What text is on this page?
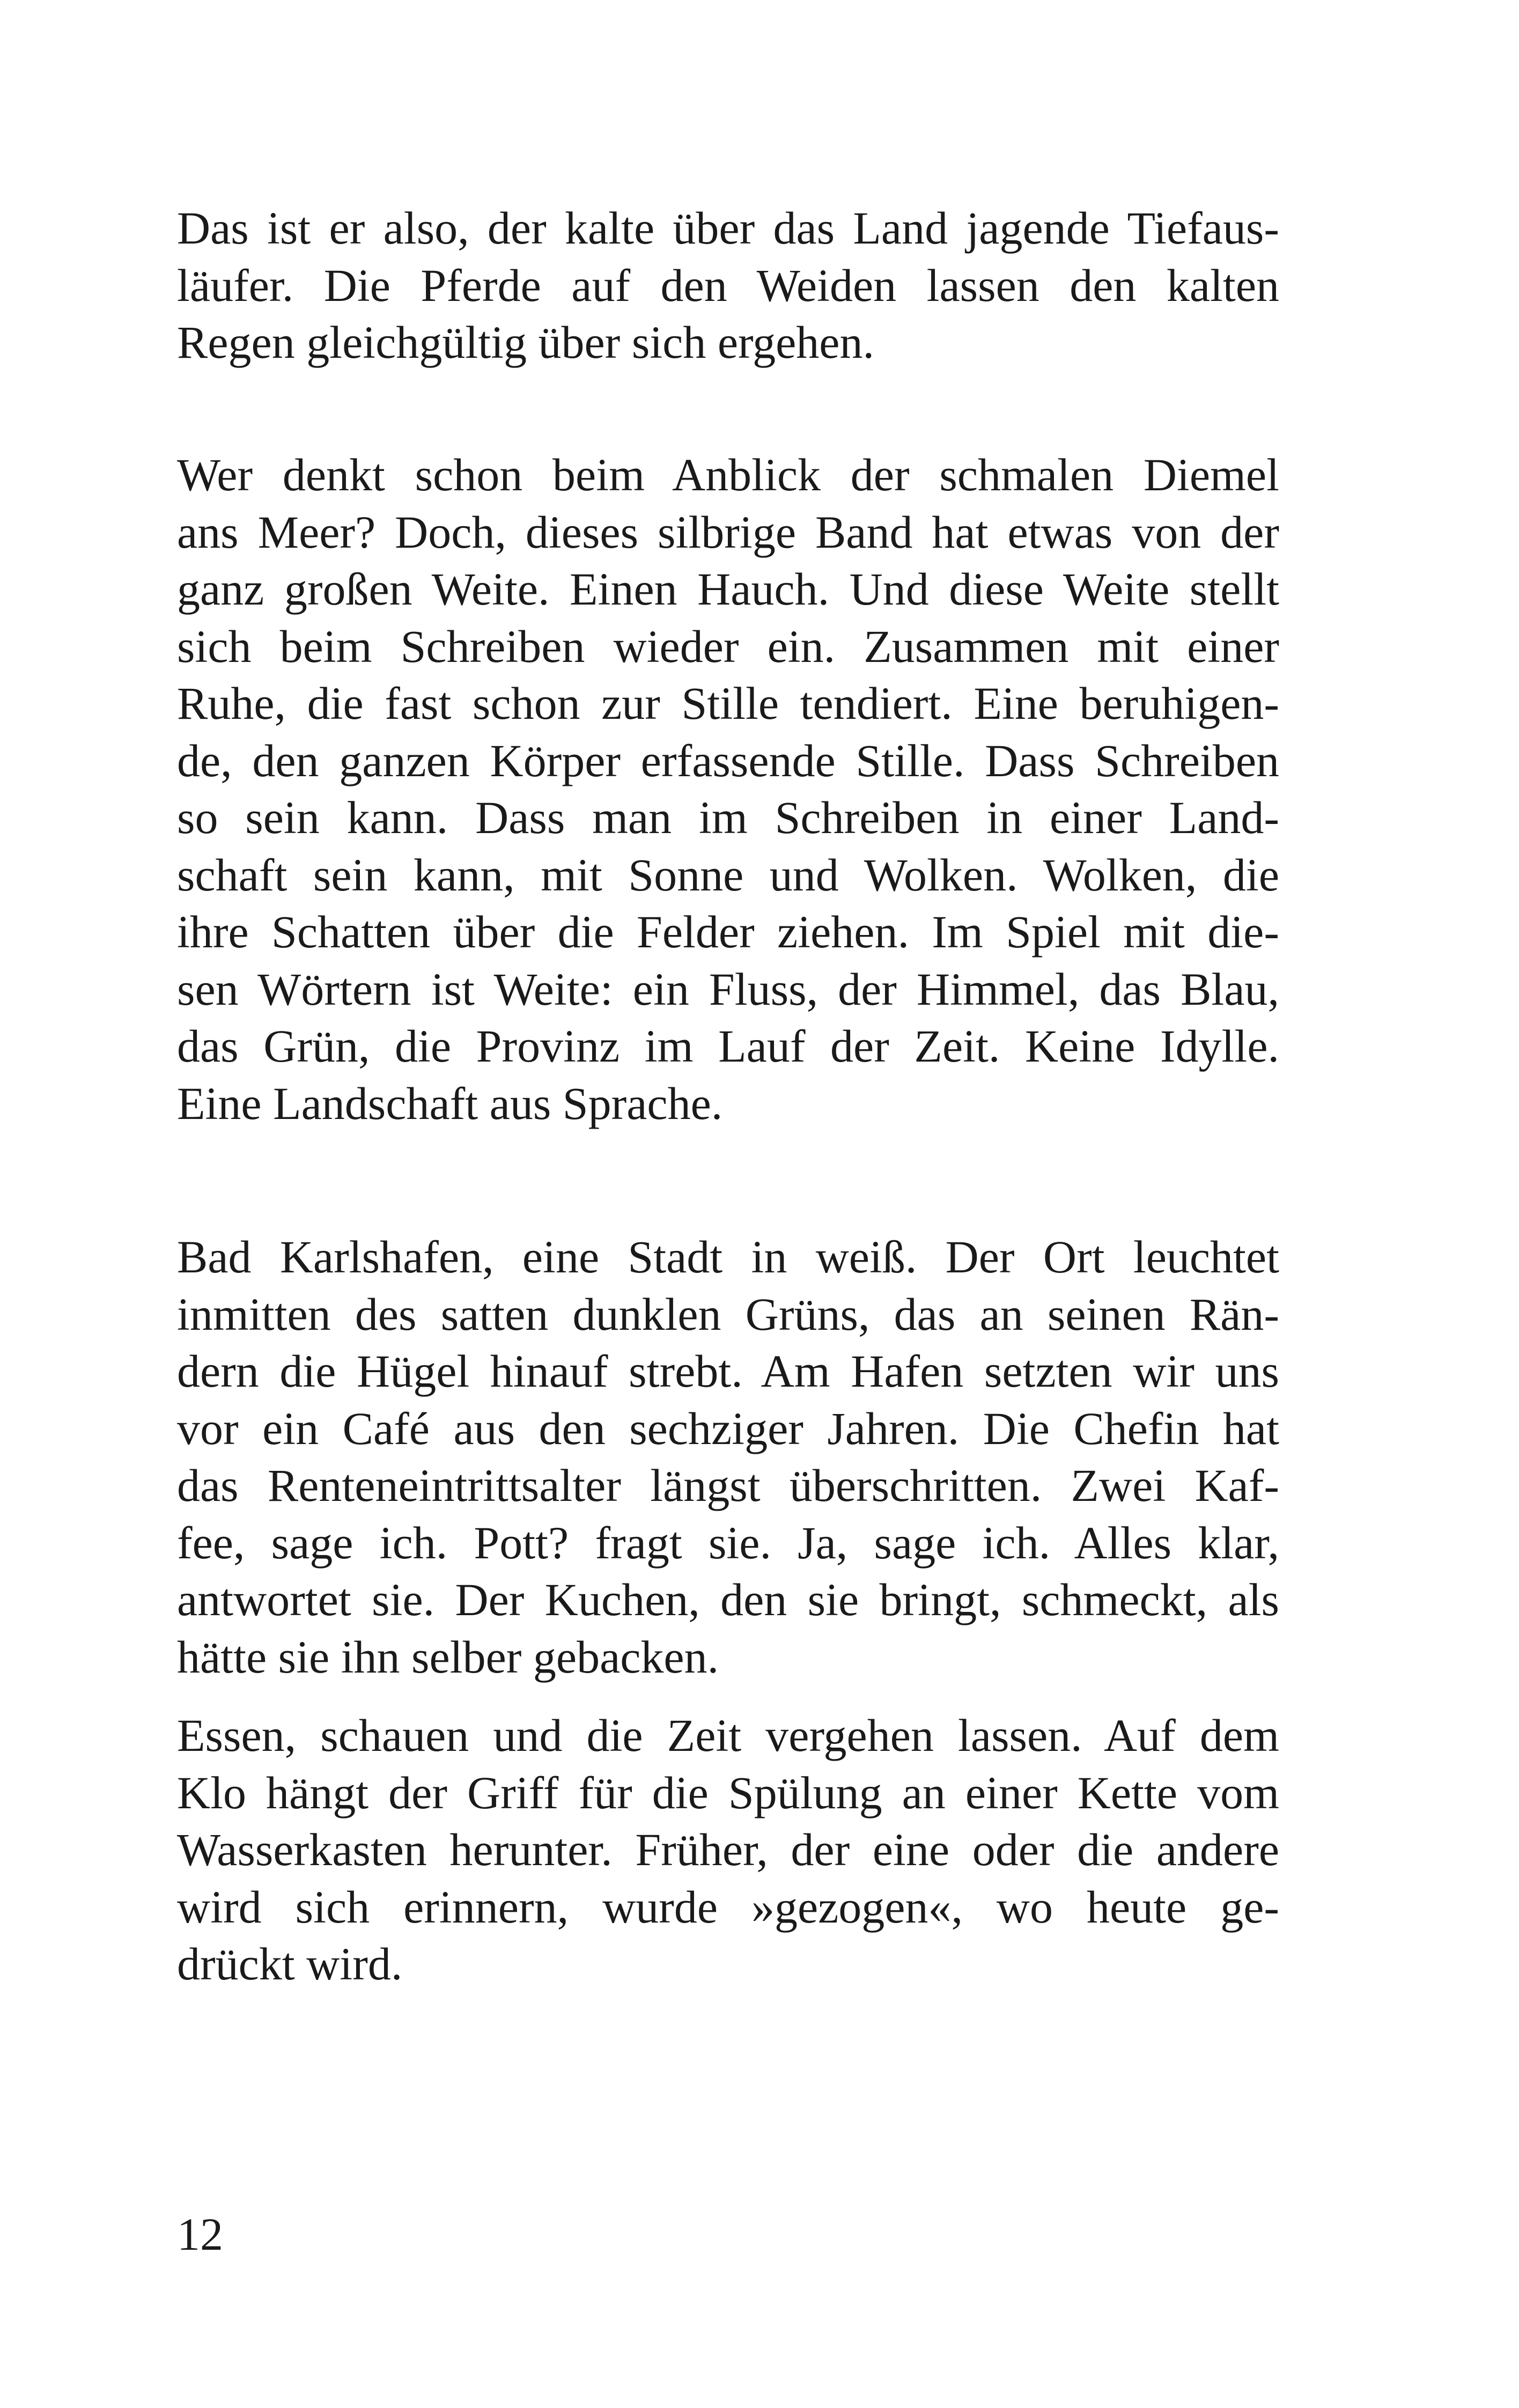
Das ist er also, der kalte über das Land jagende Tiefaus-
läufer. Die Pferde auf den Weiden lassen den kalten
Regen gleichgültig über sich ergehen.
Wer denkt schon beim Anblick der schmalen Diemel
ans Meer? Doch, dieses silbrige Band hat etwas von der
ganz großen Weite. Einen Hauch. Und diese Weite stellt
sich beim Schreiben wieder ein. Zusammen mit einer
Ruhe, die fast schon zur Stille tendiert. Eine beruhigen-
de, den ganzen Körper erfassende Stille. Dass Schreiben
so sein kann. Dass man im Schreiben in einer Land-
schaft sein kann, mit Sonne und Wolken. Wolken, die
ihre Schatten über die Felder ziehen. Im Spiel mit die-
sen Wörtern ist Weite: ein Fluss, der Himmel, das Blau,
das Grün, die Provinz im Lauf der Zeit. Keine Idylle.
Eine Landschaft aus Sprache.
Bad Karlshafen, eine Stadt in weiß. Der Ort leuchtet
inmitten des satten dunklen Grüns, das an seinen Rän-
dern die Hügel hinauf strebt. Am Hafen setzten wir uns
vor ein Café aus den sechziger Jahren. Die Chefin hat
das Renteneintrittsalter längst überschritten. Zwei Kaf-
fee, sage ich. Pott? fragt sie. Ja, sage ich. Alles klar,
antwortet sie. Der Kuchen, den sie bringt, schmeckt, als
hätte sie ihn selber gebacken.
Essen, schauen und die Zeit vergehen lassen. Auf dem
Klo hängt der Griff für die Spülung an einer Kette vom
Wasserkasten herunter. Früher, der eine oder die andere
wird sich erinnern, wurde »gezogen«, wo heute ge-
drückt wird.
12
